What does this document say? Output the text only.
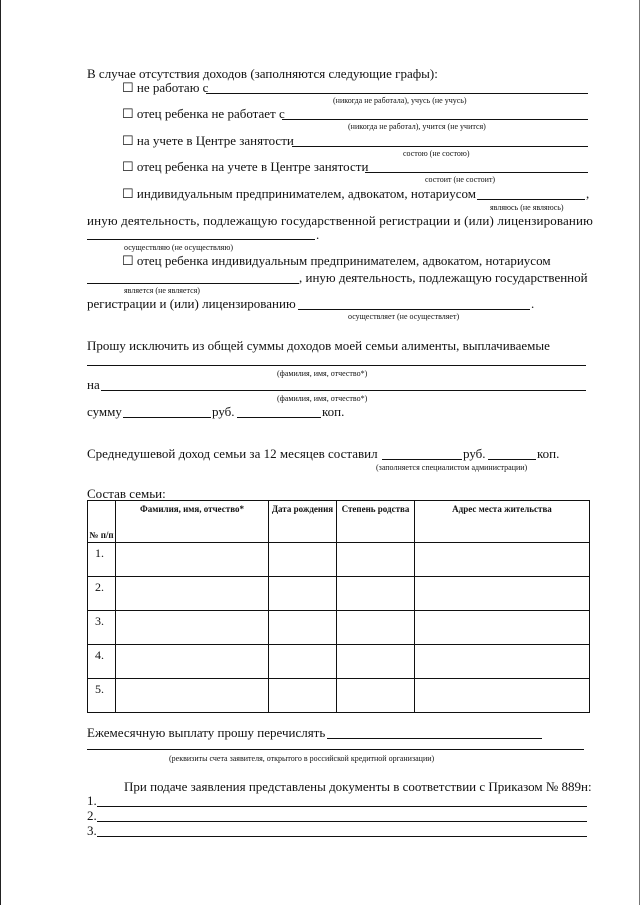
В случае отсутствия доходов (заполняются следующие графы):
☐ не работаю с
(никогда не работала), учусь (не учусь)
☐ отец ребенка не работает с
(никогда не работал), учится (не учится)
☐ на учете в Центре занятости
состою (не состою)
☐ отец ребенка на учете в Центре занятости
состоит (не состоит)
☐ индивидуальным предпринимателем, адвокатом, нотариусом	,
являюсь (не являюсь)
иную деятельность, подлежащую государственной регистрации и (или) лицензированию
.
осуществляю (не осуществляю)
☐ отец ребенка индивидуальным предпринимателем, адвокатом, нотариусом
, иную деятельность, подлежащую государственной
является (не является)
регистрации и (или) лицензированию	.
осуществляет (не осуществляет)
Прошу исключить из общей суммы доходов моей семьи алименты, выплачиваемые
(фамилия, имя, отчество*)
на
(фамилия, имя, отчество*)
сумму	руб.	коп.
Среднедушевой доход семьи за 12 месяцев составил	руб.	коп.
(заполняется специалистом администрации)
Состав семьи:
№ п/п	Фамилия, имя, отчество*	Дата рождения	Степень родства	Адрес места жительства
1.				
2.				
3.				
4.				
5.				
Ежемесячную выплату прошу перечислять
(реквизиты счета заявителя, открытого в российской кредитной организации)
При подаче заявления представлены документы в соответствии с Приказом № 889н:
1.
2.
3.
